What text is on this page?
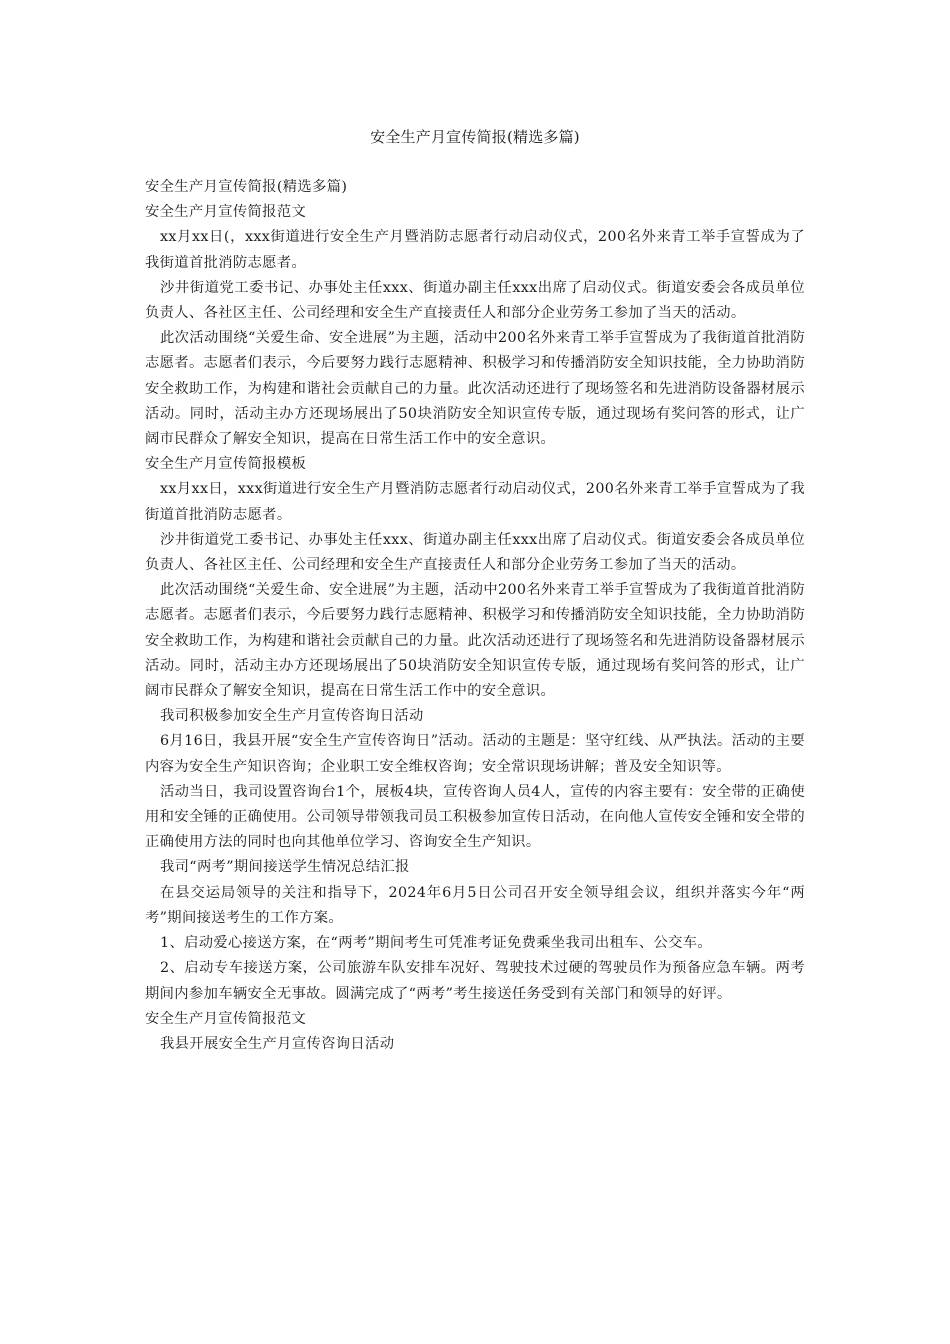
安全生产月宣传简报(精选多篇)

安全生产月宣传简报(精选多篇)

安全生产月宣传简报范文

xx月xx日(，xxx街道进行安全生产月暨消防志愿者行动启动仪式，200名外来青工举手宣誓成为了我街道首批消防志愿者。

沙井街道党工委书记、办事处主任xxx、街道办副主任xxx出席了启动仪式。街道安委会各成员单位负责人、各社区主任、公司经理和安全生产直接责任人和部分企业劳务工参加了当天的活动。

此次活动围绕“关爱生命、安全进展”为主题，活动中200名外来青工举手宣誓成为了我街道首批消防志愿者。志愿者们表示，今后要努力践行志愿精神、积极学习和传播消防安全知识技能，全力协助消防安全救助工作，为构建和谐社会贡献自己的力量。此次活动还进行了现场签名和先进消防设备器材展示活动。同时，活动主办方还现场展出了50块消防安全知识宣传专版，通过现场有奖问答的形式，让广阔市民群众了解安全知识，提高在日常生活工作中的安全意识。

安全生产月宣传简报模板

xx月xx日，xxx街道进行安全生产月暨消防志愿者行动启动仪式，200名外来青工举手宣誓成为了我街道首批消防志愿者。

沙井街道党工委书记、办事处主任xxx、街道办副主任xxx出席了启动仪式。街道安委会各成员单位负责人、各社区主任、公司经理和安全生产直接责任人和部分企业劳务工参加了当天的活动。

此次活动围绕“关爱生命、安全进展”为主题，活动中200名外来青工举手宣誓成为了我街道首批消防志愿者。志愿者们表示，今后要努力践行志愿精神、积极学习和传播消防安全知识技能，全力协助消防安全救助工作，为构建和谐社会贡献自己的力量。此次活动还进行了现场签名和先进消防设备器材展示活动。同时，活动主办方还现场展出了50块消防安全知识宣传专版，通过现场有奖问答的形式，让广阔市民群众了解安全知识，提高在日常生活工作中的安全意识。

我司积极参加安全生产月宣传咨询日活动

6月16日，我县开展“安全生产宣传咨询日”活动。活动的主题是：坚守红线、从严执法。活动的主要内容为安全生产知识咨询；企业职工安全维权咨询；安全常识现场讲解；普及安全知识等。

活动当日，我司设置咨询台1个，展板4块，宣传咨询人员4人，宣传的内容主要有：安全带的正确使用和安全锤的正确使用。公司领导带领我司员工积极参加宣传日活动，在向他人宣传安全锤和安全带的正确使用方法的同时也向其他单位学习、咨询安全生产知识。

我司“两考”期间接送学生情况总结汇报

在县交运局领导的关注和指导下，2024年6月5日公司召开安全领导组会议，组织并落实今年“两考”期间接送考生的工作方案。

1、启动爱心接送方案，在“两考”期间考生可凭准考证免费乘坐我司出租车、公交车。

2、启动专车接送方案，公司旅游车队安排车况好、驾驶技术过硬的驾驶员作为预备应急车辆。两考期间内参加车辆安全无事故。圆满完成了“两考”考生接送任务受到有关部门和领导的好评。

安全生产月宣传简报范文

我县开展安全生产月宣传咨询日活动
